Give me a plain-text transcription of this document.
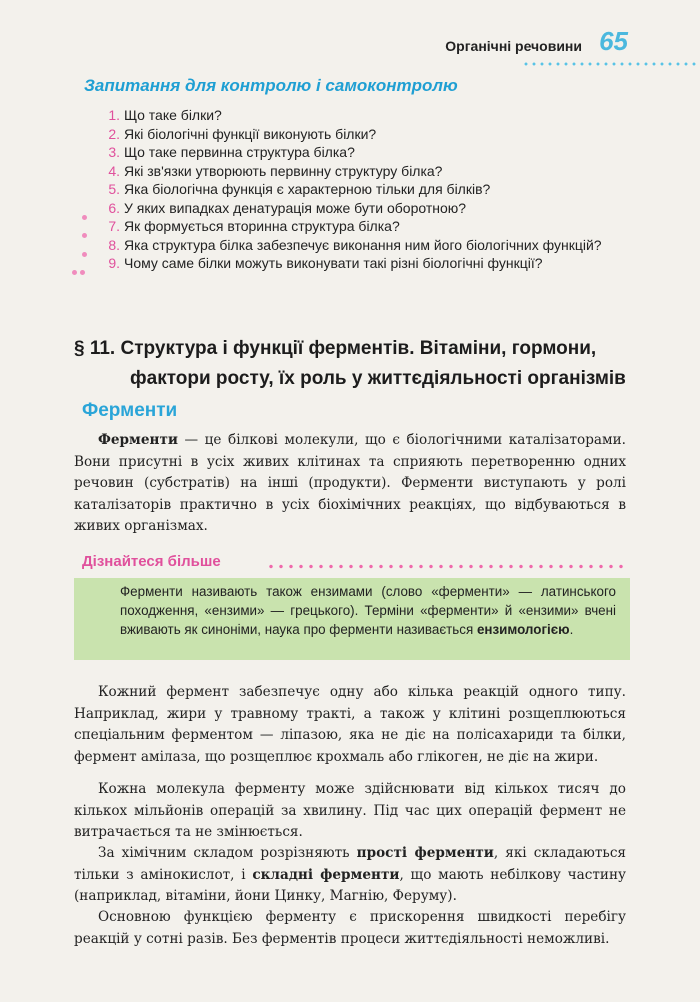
Органічні речовини 65
Запитання для контролю і самоконтролю
1. Що таке білки?
2. Які біологічні функції виконують білки?
3. Що таке первинна структура білка?
4. Які зв'язки утворюють первинну структуру білка?
5. Яка біологічна функція є характерною тільки для білків?
6. У яких випадках денатурація може бути оборотною?
7. Як формується вторинна структура білка?
8. Яка структура білка забезпечує виконання ним його біологічних функцій?
9. Чому саме білки можуть виконувати такі різні біологічні функції?
§ 11. Структура і функції ферментів. Вітаміни, гормони,
фактори росту, їх роль у життєдіяльності організмів
Ферменти
Ферменти — це білкові молекули, що є біологічними каталізаторами. Вони присутні в усіх живих клітинах та сприяють перетворенню одних речовин (субстратів) на інші (продукти). Ферменти виступають у ролі каталізаторів практично в усіх біохімічних реакціях, що відбуваються в живих організмах.
Дізнайтеся більше
Ферменти називають також ензимами (слово «ферменти» — латинського походження, «ензими» — грецького). Терміни «ферменти» й «ензими» вчені вживають як синоніми, наука про ферменти називається ензимологією.
Кожний фермент забезпечує одну або кілька реакцій одного типу. Наприклад, жири у травному тракті, а також у клітині розщеплюються спеціальним ферментом — ліпазою, яка не діє на полісахариди та білки, фермент амілаза, що розщеплює крохмаль або глікоген, не діє на жири.
Кожна молекула ферменту може здійснювати від кількох тисяч до кількох мільйонів операцій за хвилину. Під час цих операцій фермент не витрачається та не змінюється.
За хімічним складом розрізняють прості ферменти, які складаються тільки з амінокислот, і складні ферменти, що мають небілкову частину (наприклад, вітаміни, йони Цинку, Магнію, Феруму).
Основною функцією ферменту є прискорення швидкості перебігу реакцій у сотні разів. Без ферментів процеси життєдіяльності неможливі.
